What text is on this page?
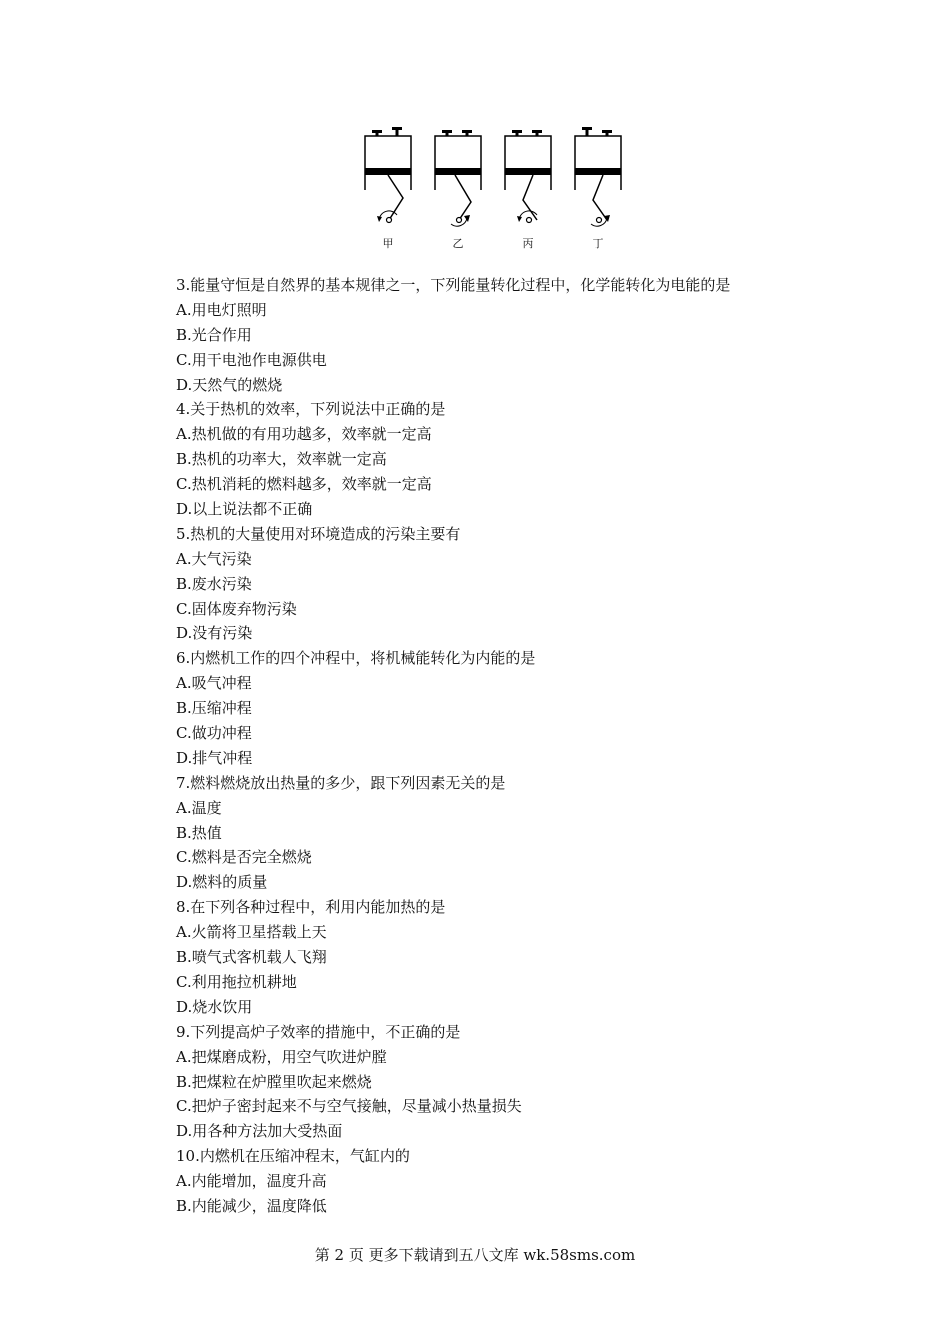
甲	乙	丙	丁
3.能量守恒是自然界的基本规律之一，下列能量转化过程中，化学能转化为电能的是
A.用电灯照明
B.光合作用
C.用干电池作电源供电
D.天然气的燃烧
4.关于热机的效率，下列说法中正确的是
A.热机做的有用功越多，效率就一定高
B.热机的功率大，效率就一定高
C.热机消耗的燃料越多，效率就一定高
D.以上说法都不正确
5.热机的大量使用对环境造成的污染主要有
A.大气污染
B.废水污染
C.固体废弃物污染
D.没有污染
6.内燃机工作的四个冲程中，将机械能转化为内能的是
A.吸气冲程
B.压缩冲程
C.做功冲程
D.排气冲程
7.燃料燃烧放出热量的多少，跟下列因素无关的是
A.温度
B.热值
C.燃料是否完全燃烧
D.燃料的质量
8.在下列各种过程中，利用内能加热的是
A.火箭将卫星搭载上天
B.喷气式客机载人飞翔
C.利用拖拉机耕地
D.烧水饮用
9.下列提高炉子效率的措施中，不正确的是
A.把煤磨成粉，用空气吹进炉膛
B.把煤粒在炉膛里吹起来燃烧
C.把炉子密封起来不与空气接触，尽量减小热量损失
D.用各种方法加大受热面
10.内燃机在压缩冲程末，气缸内的
A.内能增加，温度升高
B.内能减少，温度降低
第 2 页 更多下载请到五八文库 wk.58sms.com
